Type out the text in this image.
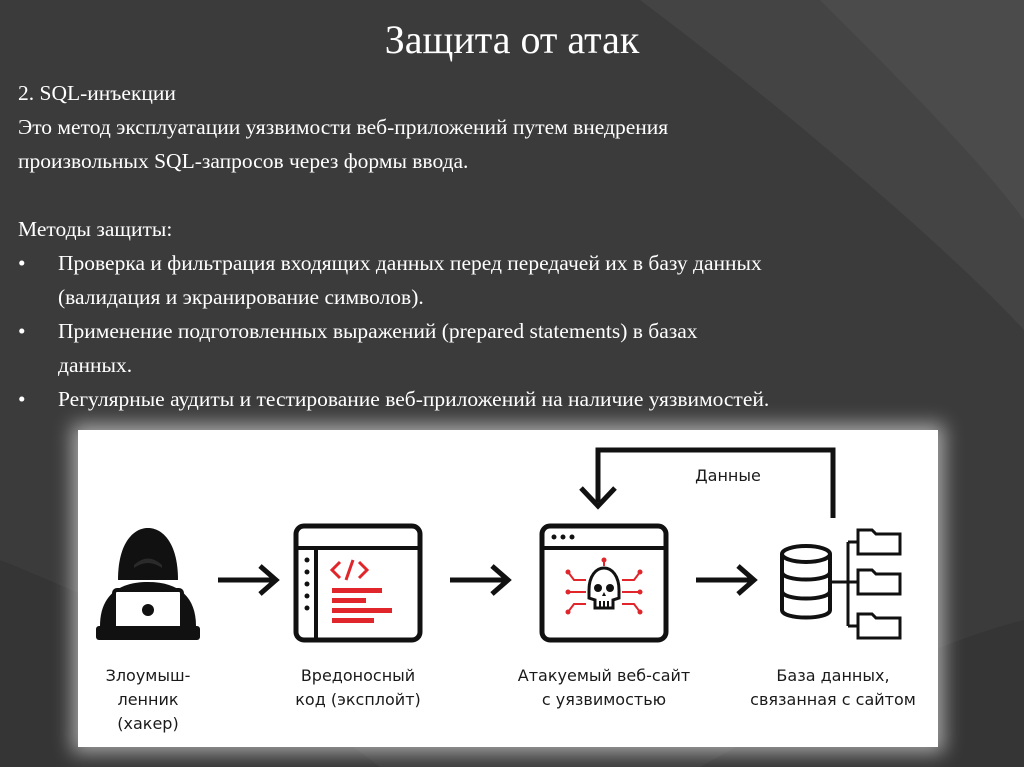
Защита от атак
2. SQL-инъекции
Это метод эксплуатации уязвимости веб-приложений путем внедрения
произвольных SQL-запросов через формы ввода.
Методы защиты:
• Проверка и фильтрация входящих данных перед передачей их в базу данных
(валидация и экранирование символов).
• Применение подготовленных выражений (prepared statements) в базах
данных.
• Регулярные аудиты и тестирование веб-приложений на наличие уязвимостей.
Данные
Злоумыш-
ленник
(хакер)
Вредоносный
код (эксплойт)
Атакуемый веб-сайт
с уязвимостью
База данных,
связанная с сайтом
